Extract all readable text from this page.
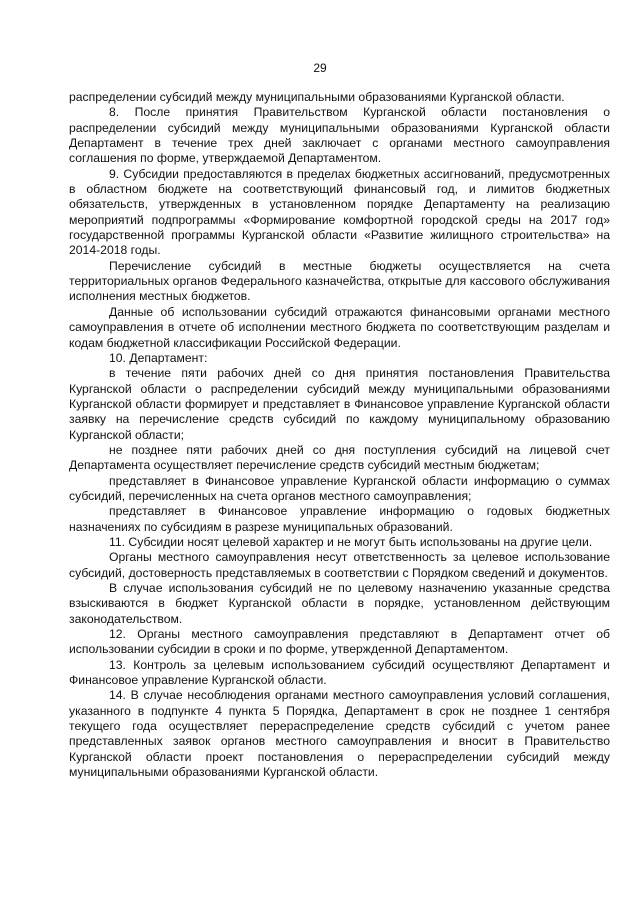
29

распределении субсидий между муниципальными образованиями Курганской области.

8. После принятия Правительством Курганской области постановления о распределении субсидий между муниципальными образованиями Курганской области Департамент в течение трех дней заключает с органами местного самоуправления соглашения по форме, утверждаемой Департаментом.

9. Субсидии предоставляются в пределах бюджетных ассигнований, предусмотренных в областном бюджете на соответствующий финансовый год, и лимитов бюджетных обязательств, утвержденных в установленном порядке Департаменту на реализацию мероприятий подпрограммы «Формирование комфортной городской среды на 2017 год» государственной программы Курганской области «Развитие жилищного строительства» на 2014-2018 годы.

Перечисление субсидий в местные бюджеты осуществляется на счета территориальных органов Федерального казначейства, открытые для кассового обслуживания исполнения местных бюджетов.

Данные об использовании субсидий отражаются финансовыми органами местного самоуправления в отчете об исполнении местного бюджета по соответствующим разделам и кодам бюджетной классификации Российской Федерации.

10. Департамент:

в течение пяти рабочих дней со дня принятия постановления Правительства Курганской области о распределении субсидий между муниципальными образованиями Курганской области формирует и представляет в Финансовое управление Курганской области заявку на перечисление средств субсидий по каждому муниципальному образованию Курганской области;

не позднее пяти рабочих дней со дня поступления субсидий на лицевой счет Департамента осуществляет перечисление средств субсидий местным бюджетам;

представляет в Финансовое управление Курганской области информацию о суммах субсидий, перечисленных на счета органов местного самоуправления;

представляет в Финансовое управление информацию о годовых бюджетных назначениях по субсидиям в разрезе муниципальных образований.

11. Субсидии носят целевой характер и не могут быть использованы на другие цели.

Органы местного самоуправления несут ответственность за целевое использование субсидий, достоверность представляемых в соответствии с Порядком сведений и документов.

В случае использования субсидий не по целевому назначению указанные средства взыскиваются в бюджет Курганской области в порядке, установленном действующим законодательством.

12. Органы местного самоуправления представляют в Департамент отчет об использовании субсидии в сроки и по форме, утвержденной Департаментом.

13. Контроль за целевым использованием субсидий осуществляют Департамент и Финансовое управление Курганской области.

14. В случае несоблюдения органами местного самоуправления условий соглашения, указанного в подпункте 4 пункта 5 Порядка, Департамент в срок не позднее 1 сентября текущего года осуществляет перераспределение средств субсидий с учетом ранее представленных заявок органов местного самоуправления и вносит в Правительство Курганской области проект постановления о перераспределении субсидий между муниципальными образованиями Курганской области.
